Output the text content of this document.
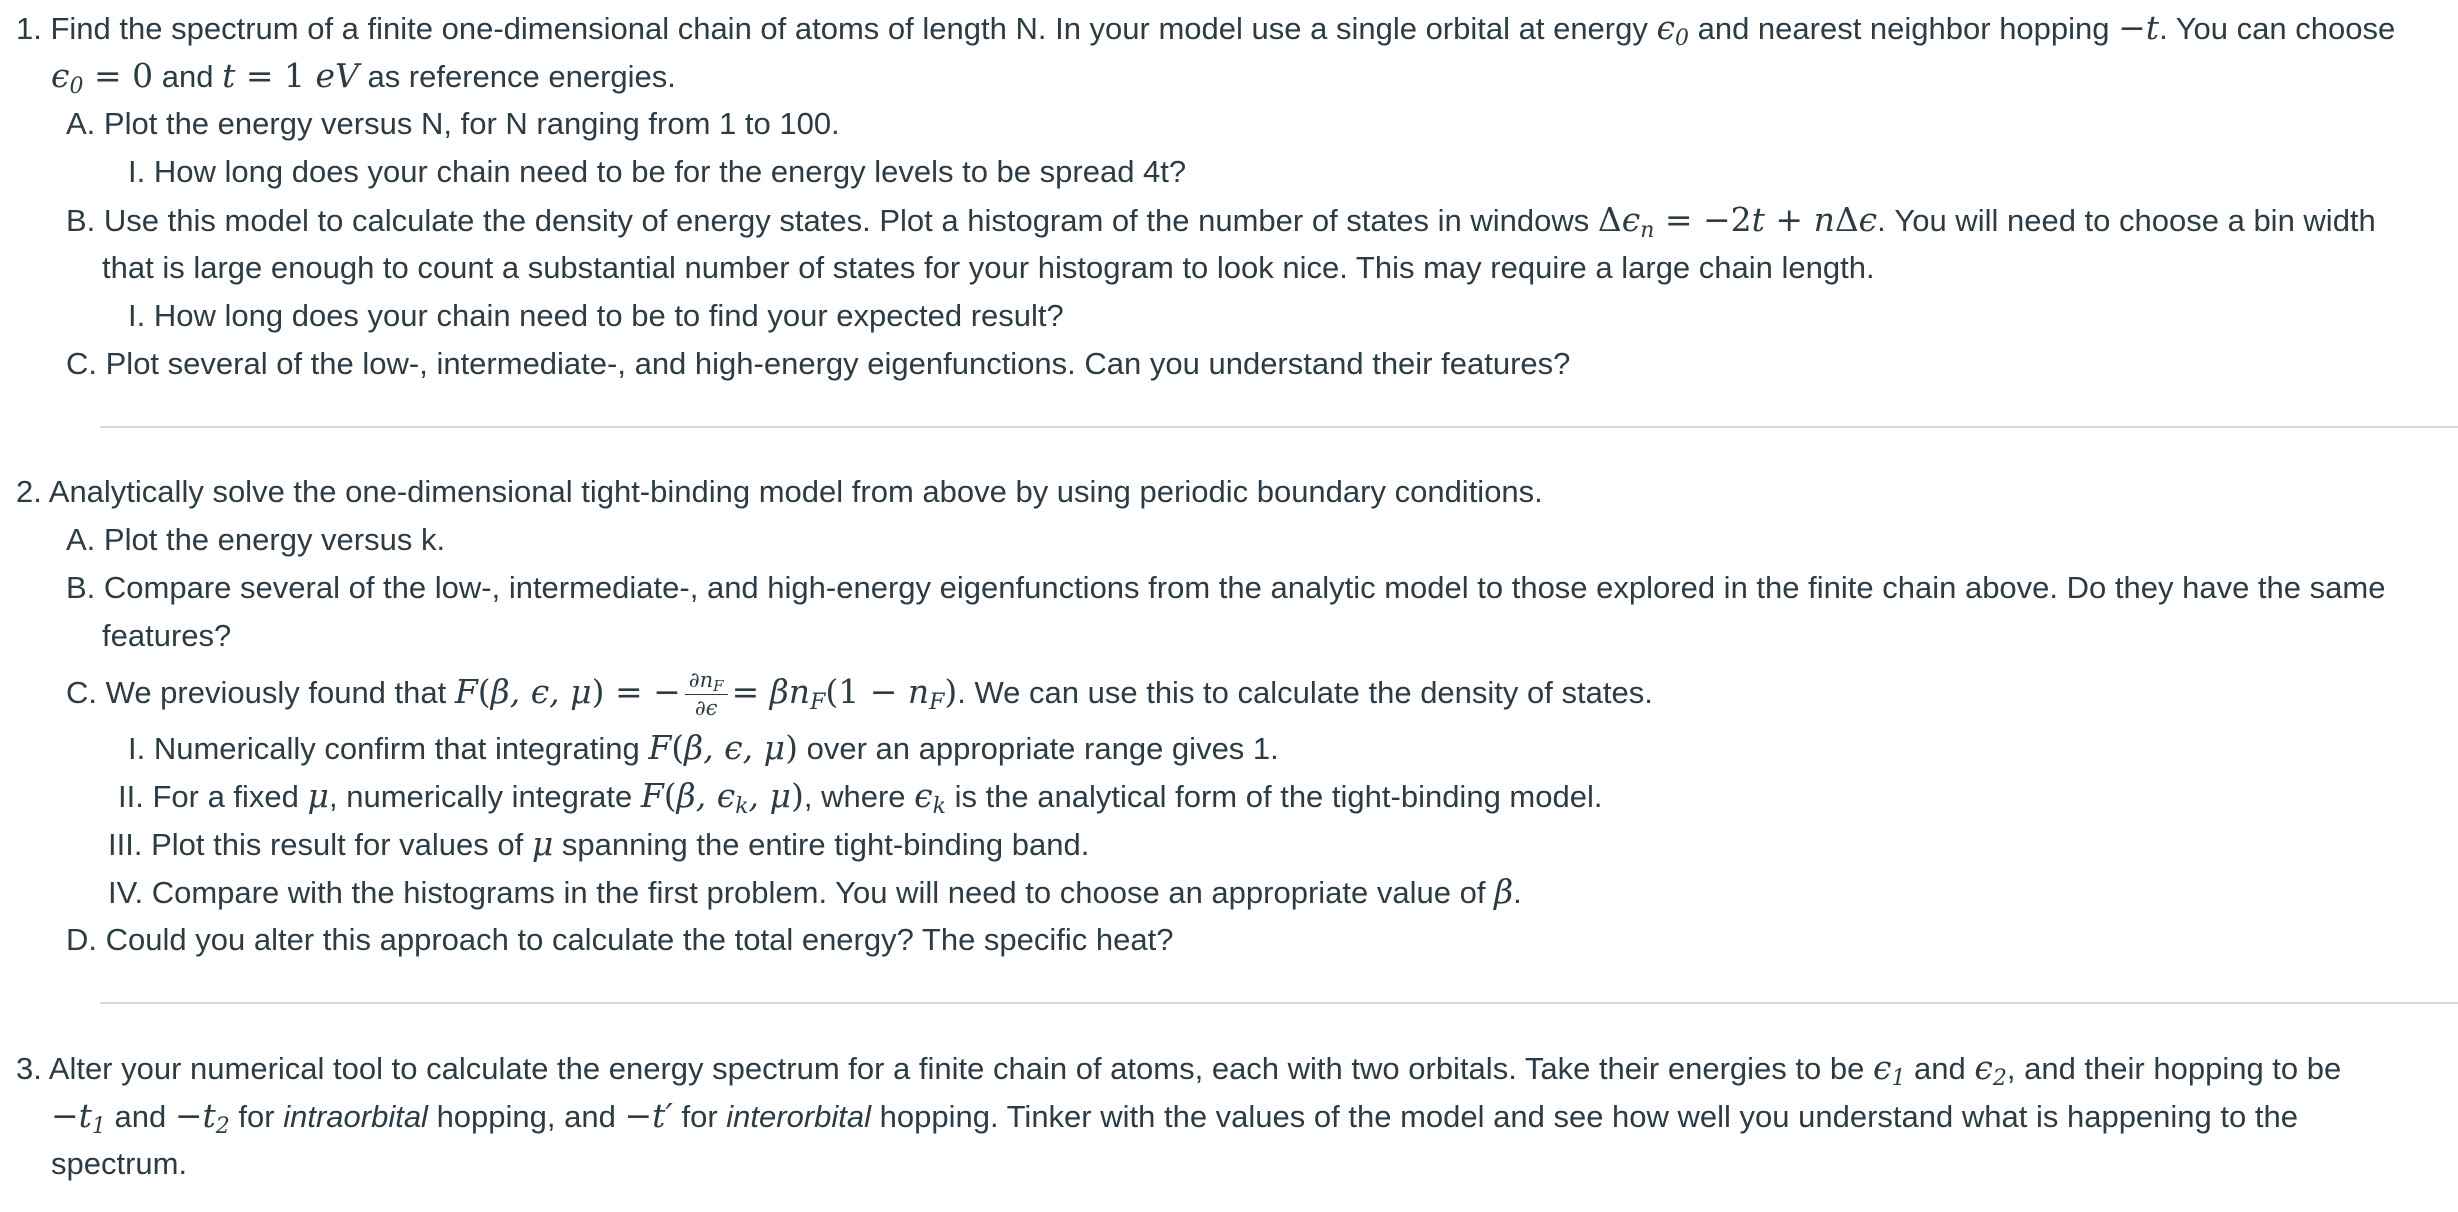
1. Find the spectrum of a finite one-dimensional chain of atoms of length N. In your model use a single orbital at energy $\epsilon_0$ and nearest neighbor hopping −t. You can choose
$\epsilon_0 = 0$ and t = 1 eV as reference energies.
A. Plot the energy versus N, for N ranging from 1 to 100.
I. How long does your chain need to be for the energy levels to be spread 4t?
B. Use this model to calculate the density of energy states. Plot a histogram of the number of states in windows $\Delta\epsilon_n = -2t + n\Delta\epsilon$. You will need to choose a bin width
that is large enough to count a substantial number of states for your histogram to look nice. This may require a large chain length.
I. How long does your chain need to be to find your expected result?
C. Plot several of the low-, intermediate-, and high-energy eigenfunctions. Can you understand their features?
2. Analytically solve the one-dimensional tight-binding model from above by using periodic boundary conditions.
A. Plot the energy versus k.
B. Compare several of the low-, intermediate-, and high-energy eigenfunctions from the analytic model to those explored in the finite chain above. Do they have the same
features?
C. We previously found that F(β, ϵ, μ) = − $\frac{\partial n_F}{\partial\epsilon} = \beta n_F(1 - n_F)$. We can use this to calculate the density of states.
I. Numerically confirm that integrating F(β, ϵ, μ) over an appropriate range gives 1.
II. For a fixed μ, numerically integrate F(β, $\epsilon_k$, μ), where $\epsilon_k$ is the analytical form of the tight-binding model.
III. Plot this result for values of μ spanning the entire tight-binding band.
IV. Compare with the histograms in the first problem. You will need to choose an appropriate value of β.
D. Could you alter this approach to calculate the total energy? The specific heat?
3. Alter your numerical tool to calculate the energy spectrum for a finite chain of atoms, each with two orbitals. Take their energies to be $\epsilon_1$ and $\epsilon_2$, and their hopping to be
$-t_1$ and $-t_2$ for intraorbital hopping, and −t′ for interorbital hopping. Tinker with the values of the model and see how well you understand what is happening to the
spectrum.
